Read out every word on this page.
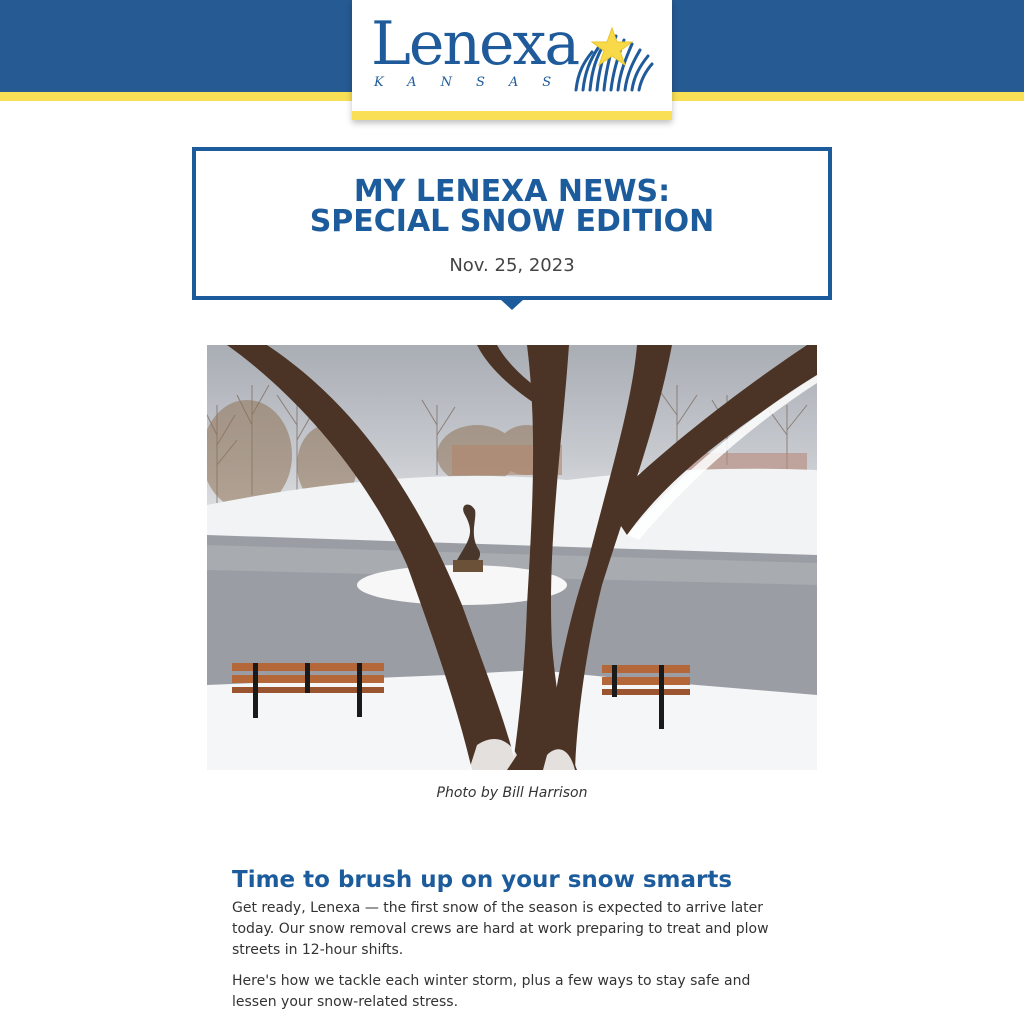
Lenexa
KANSAS
MY LENEXA NEWS:
SPECIAL SNOW EDITION
Nov. 25, 2023
Photo by Bill Harrison
Time to brush up on your snow smarts

Get ready, Lenexa — the first snow of the season is expected to arrive later today. Our snow removal crews are hard at work preparing to treat and plow streets in 12-hour shifts.

Here's how we tackle each winter storm, plus a few ways to stay safe and lessen your snow-related stress.
